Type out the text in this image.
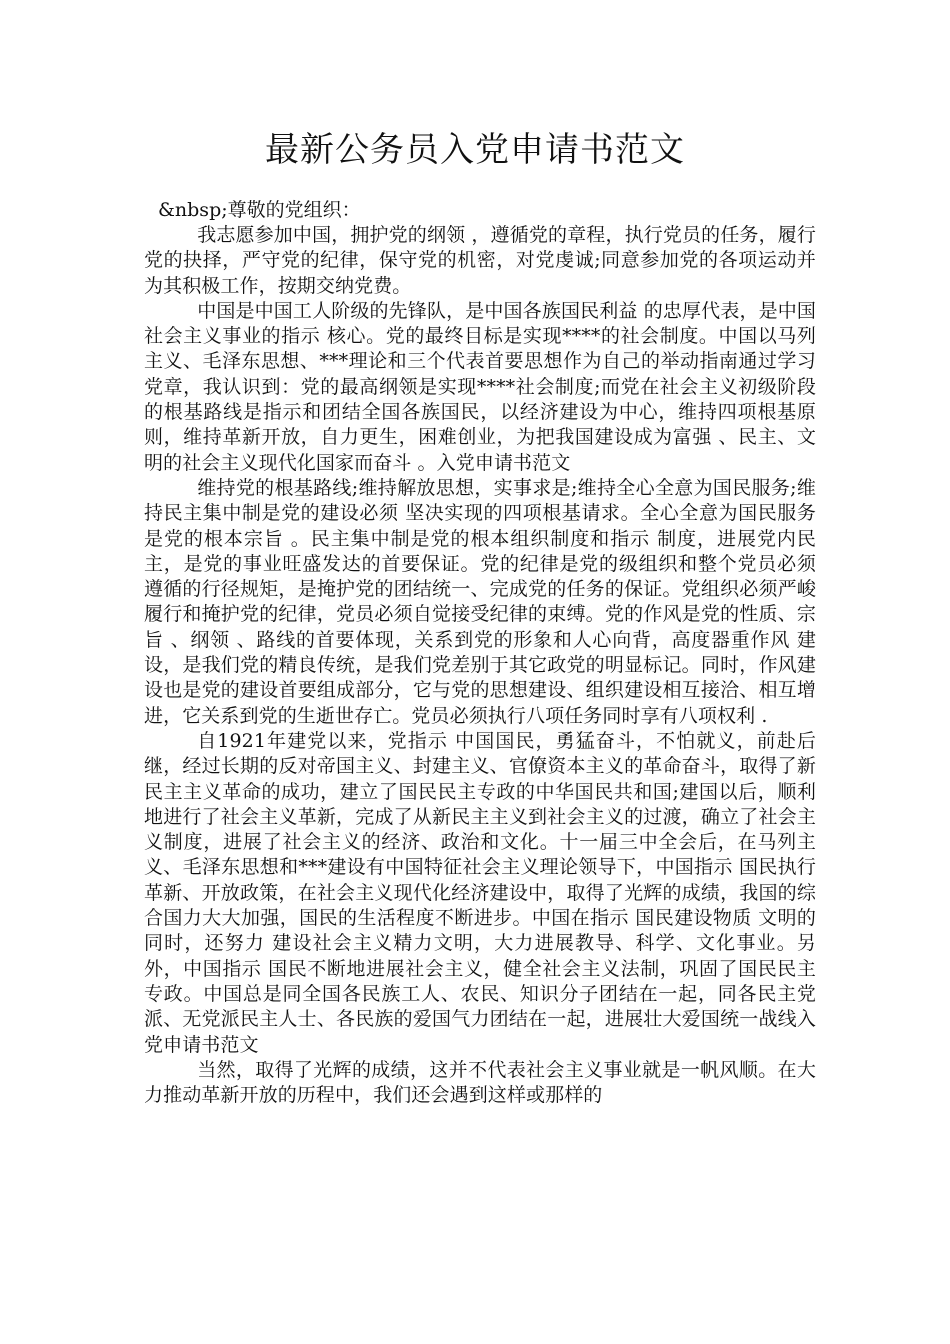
最新公务员入党申请书范文
&nbsp;尊敬的党组织：

我志愿参加中国，拥护党的纲领 ，遵循党的章程，执行党员的任务，履行党的抉择，严守党的纪律，保守党的机密，对党虔诚;同意参加党的各项运动并为其积极工作，按期交纳党费。

中国是中国工人阶级的先锋队，是中国各族国民利益 的忠厚代表，是中国社会主义事业的指示 核心。党的最终目标是实现****的社会制度。中国以马列主义、毛泽东思想、***理论和三个代表首要思想作为自己的举动指南通过学习党章，我认识到：党的最高纲领是实现****社会制度;而党在社会主义初级阶段的根基路线是指示和团结全国各族国民，以经济建设为中心，维持四项根基原则，维持革新开放，自力更生，困难创业，为把我国建设成为富强 、民主、文明的社会主义现代化国家而奋斗 。入党申请书范文

维持党的根基路线;维持解放思想，实事求是;维持全心全意为国民服务;维持民主集中制是党的建设必须 坚决实现的四项根基请求。全心全意为国民服务是党的根本宗旨 。民主集中制是党的根本组织制度和指示 制度，进展党内民主，是党的事业旺盛发达的首要保证。党的纪律是党的级组织和整个党员必须 遵循的行径规矩，是掩护党的团结统一、完成党的任务的保证。党组织必须严峻履行和掩护党的纪律，党员必须自觉接受纪律的束缚。党的作风是党的性质、宗旨 、纲领 、路线的首要体现，关系到党的形象和人心向背，高度器重作风 建设，是我们党的精良传统，是我们党差别于其它政党的明显标记。同时，作风建设也是党的建设首要组成部分，它与党的思想建设、组织建设相互接洽、相互增进，它关系到党的生逝世存亡。党员必须执行八项任务同时享有八项权利 .

自1921年建党以来，党指示 中国国民，勇猛奋斗，不怕就义，前赴后继，经过长期的反对帝国主义、封建主义、官僚资本主义的革命奋斗，取得了新民主主义革命的成功，建立了国民民主专政的中华国民共和国;建国以后，顺利地进行了社会主义革新，完成了从新民主主义到社会主义的过渡，确立了社会主义制度，进展了社会主义的经济、政治和文化。十一届三中全会后，在马列主义、毛泽东思想和***建设有中国特征社会主义理论领导下，中国指示 国民执行革新、开放政策，在社会主义现代化经济建设中，取得了光辉的成绩，我国的综合国力大大加强，国民的生活程度不断进步。中国在指示 国民建设物质 文明的同时，还努力 建设社会主义精力文明，大力进展教导、科学、文化事业。另外，中国指示 国民不断地进展社会主义，健全社会主义法制，巩固了国民民主专政。中国总是同全国各民族工人、农民、知识分子团结在一起，同各民主党派、无党派民主人士、各民族的爱国气力团结在一起，进展壮大爱国统一战线入党申请书范文

当然，取得了光辉的成绩，这并不代表社会主义事业就是一帆风顺。在大力推动革新开放的历程中，我们还会遇到这样或那样的
